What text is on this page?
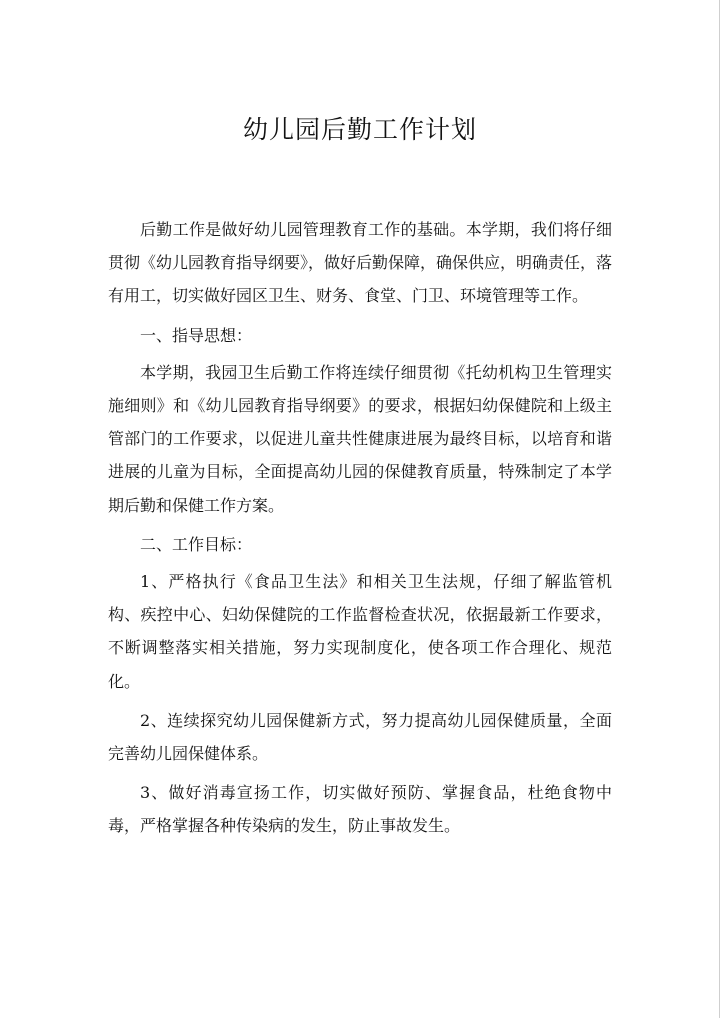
幼儿园后勤工作计划

后勤工作是做好幼儿园管理教育工作的基础。本学期，我们将仔细贯彻《幼儿园教育指导纲要》，做好后勤保障，确保供应，明确责任，落有用工，切实做好园区卫生、财务、食堂、门卫、环境管理等工作。

一、指导思想：

本学期，我园卫生后勤工作将连续仔细贯彻《托幼机构卫生管理实施细则》和《幼儿园教育指导纲要》的要求，根据妇幼保健院和上级主管部门的工作要求，以促进儿童共性健康进展为最终目标，以培育和谐进展的儿童为目标，全面提高幼儿园的保健教育质量，特殊制定了本学期后勤和保健工作方案。

二、工作目标：

1、严格执行《食品卫生法》和相关卫生法规，仔细了解监管机构、疾控中心、妇幼保健院的工作监督检查状况，依据最新工作要求，不断调整落实相关措施，努力实现制度化，使各项工作合理化、规范化。

2、连续探究幼儿园保健新方式，努力提高幼儿园保健质量，全面完善幼儿园保健体系。

3、做好消毒宣扬工作，切实做好预防、掌握食品，杜绝食物中毒，严格掌握各种传染病的发生，防止事故发生。
